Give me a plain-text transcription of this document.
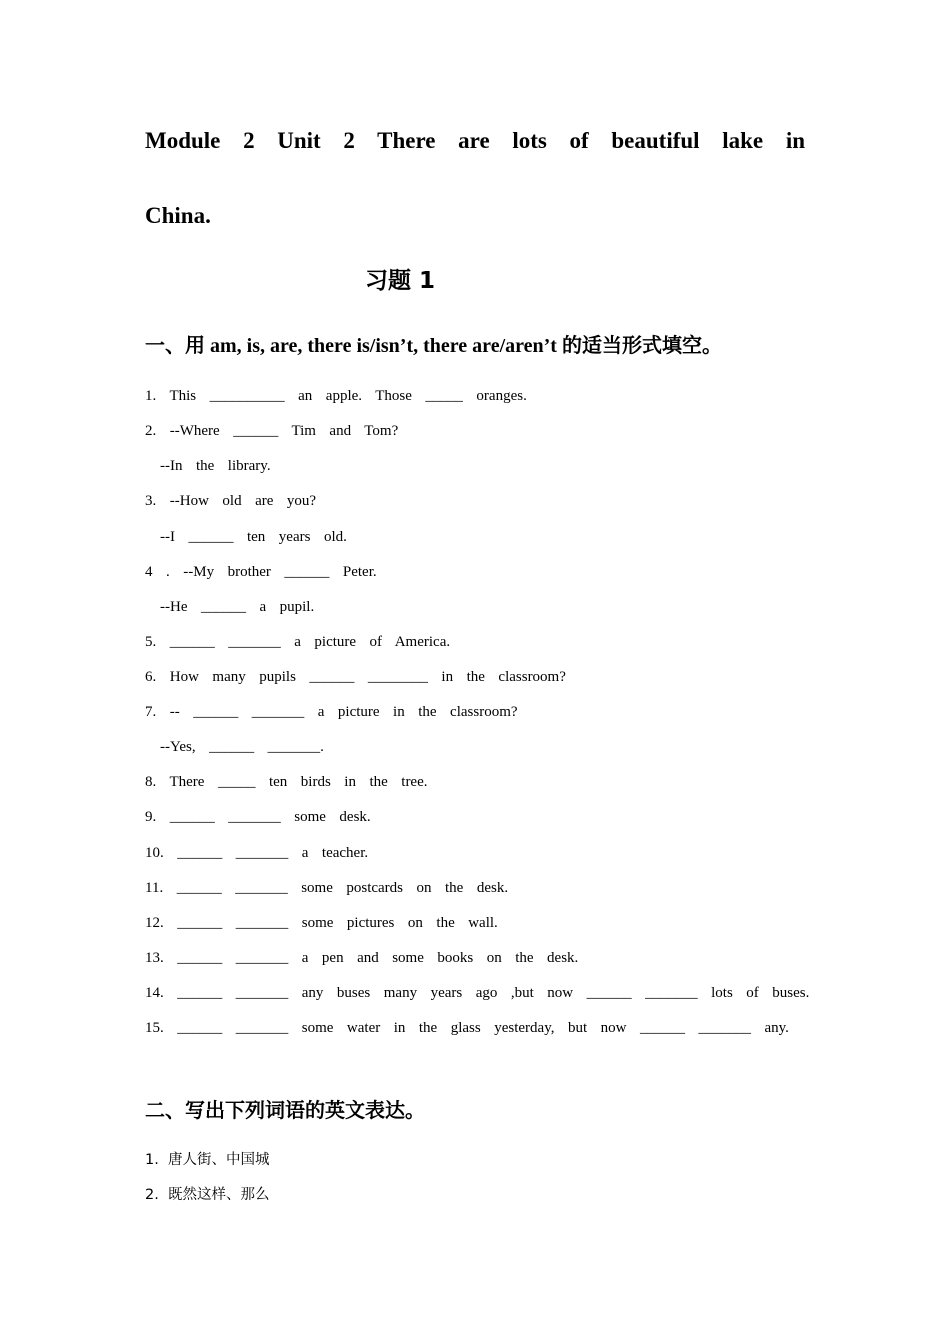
Module 2 Unit 2 There are lots of beautiful lake in
China.
习题 1
一、用 am, is, are, there is/isn’t, there are/aren’t 的适当形式填空。
1.  This  __________  an  apple.  Those  _____  oranges.
2.  --Where  ______  Tim  and  Tom?
--In  the  library.
3.  --How  old  are  you?
--I  ______  ten  years  old.
4  .  --My  brother  ______  Peter.
--He  ______  a  pupil.
5.  ______  _______  a  picture  of  America.
6.  How  many  pupils  ______  ________  in  the  classroom?
7.  --  ______  _______  a  picture  in  the  classroom?
--Yes,  ______  _______.
8.  There  _____  ten  birds  in  the  tree.
9.  ______  _______  some  desk.
10.  ______  _______  a  teacher.
11.  ______  _______  some  postcards  on  the  desk.
12.  ______  _______  some  pictures  on  the  wall.
13.  ______  _______  a  pen  and  some  books  on  the  desk.
14.  ______  _______  any  buses  many  years  ago  ,but  now  ______  _______  lots  of  buses.
15.  ______  _______  some  water  in  the  glass  yesterday,  but  now  ______  _______  any.
二、写出下列词语的英文表达。
1.  唐人街、中国城
2.  既然这样、那么
